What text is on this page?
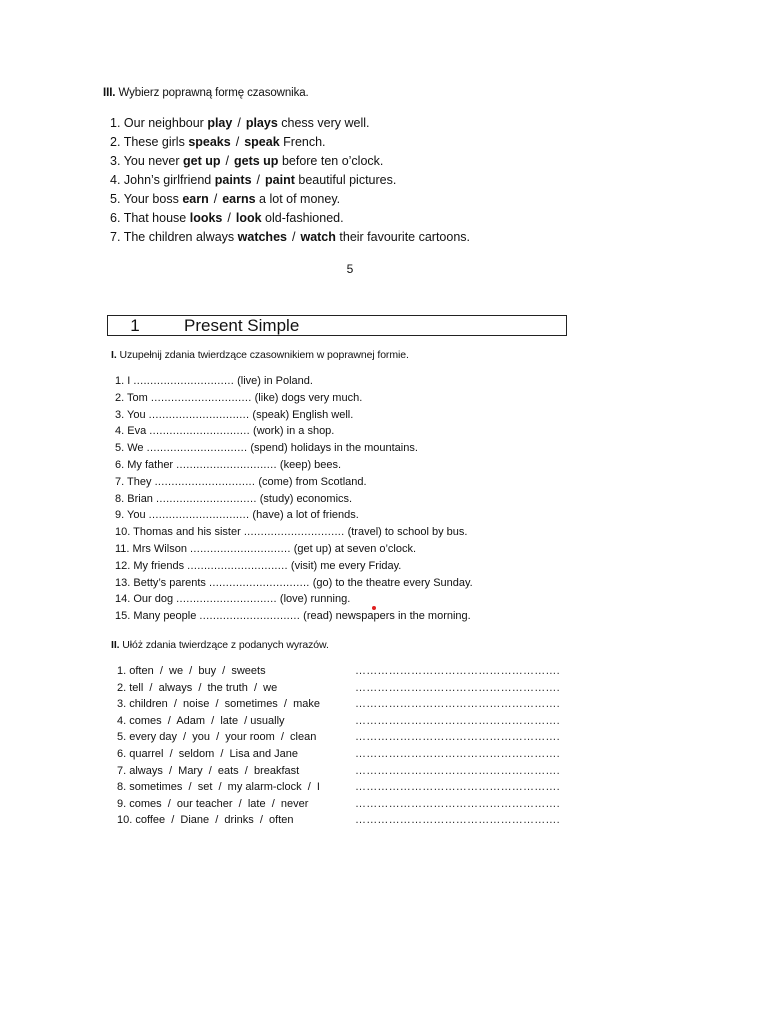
III. Wybierz poprawną formę czasownika.
1. Our neighbour play / plays chess very well.
2. These girls speaks / speak French.
3. You never get up / gets up before ten o’clock.
4. John’s girlfriend paints / paint beautiful pictures.
5. Your boss earn / earns a lot of money.
6. That house looks / look old-fashioned.
7. The children always watches / watch their favourite cartoons.
5
1	Present Simple
I. Uzupełnij zdania twierdzące czasownikiem w poprawnej formie.
1. I .............................. (live) in Poland.
2. Tom .............................. (like) dogs very much.
3. You .............................. (speak) English well.
4. Eva .............................. (work) in a shop.
5. We .............................. (spend) holidays in the mountains.
6. My father .............................. (keep) bees.
7. They .............................. (come) from Scotland.
8. Brian .............................. (study) economics.
9. You .............................. (have) a lot of friends.
10. Thomas and his sister .............................. (travel) to school by bus.
11. Mrs Wilson .............................. (get up) at seven o’clock.
12. My friends .............................. (visit) me every Friday.
13. Betty’s parents .............................. (go) to the theatre every Sunday.
14. Our dog .............................. (love) running.
15. Many people .............................. (read) newspapers in the morning.
II. Ułóż zdania twierdzące z podanych wyrazów.
1. often  /  we  /  buy  /  sweets	……………………………………………….
2. tell  /  always  /  the truth  /  we	……………………………………………….
3. children  /  noise  /  sometimes  /  make	……………………………………………….
4. comes  /  Adam  /  late  / usually	……………………………………………….
5. every day  /  you  /  your room  /  clean	……………………………………………….
6. quarrel  /  seldom  /  Lisa and Jane	……………………………………………….
7. always  /  Mary  /  eats  /  breakfast	……………………………………………….
8. sometimes  /  set  /  my alarm-clock  /  I	……………………………………………….
9. comes  /  our teacher  /  late  /  never	……………………………………………….
10. coffee  /  Diane  /  drinks  /  often	……………………………………………….
